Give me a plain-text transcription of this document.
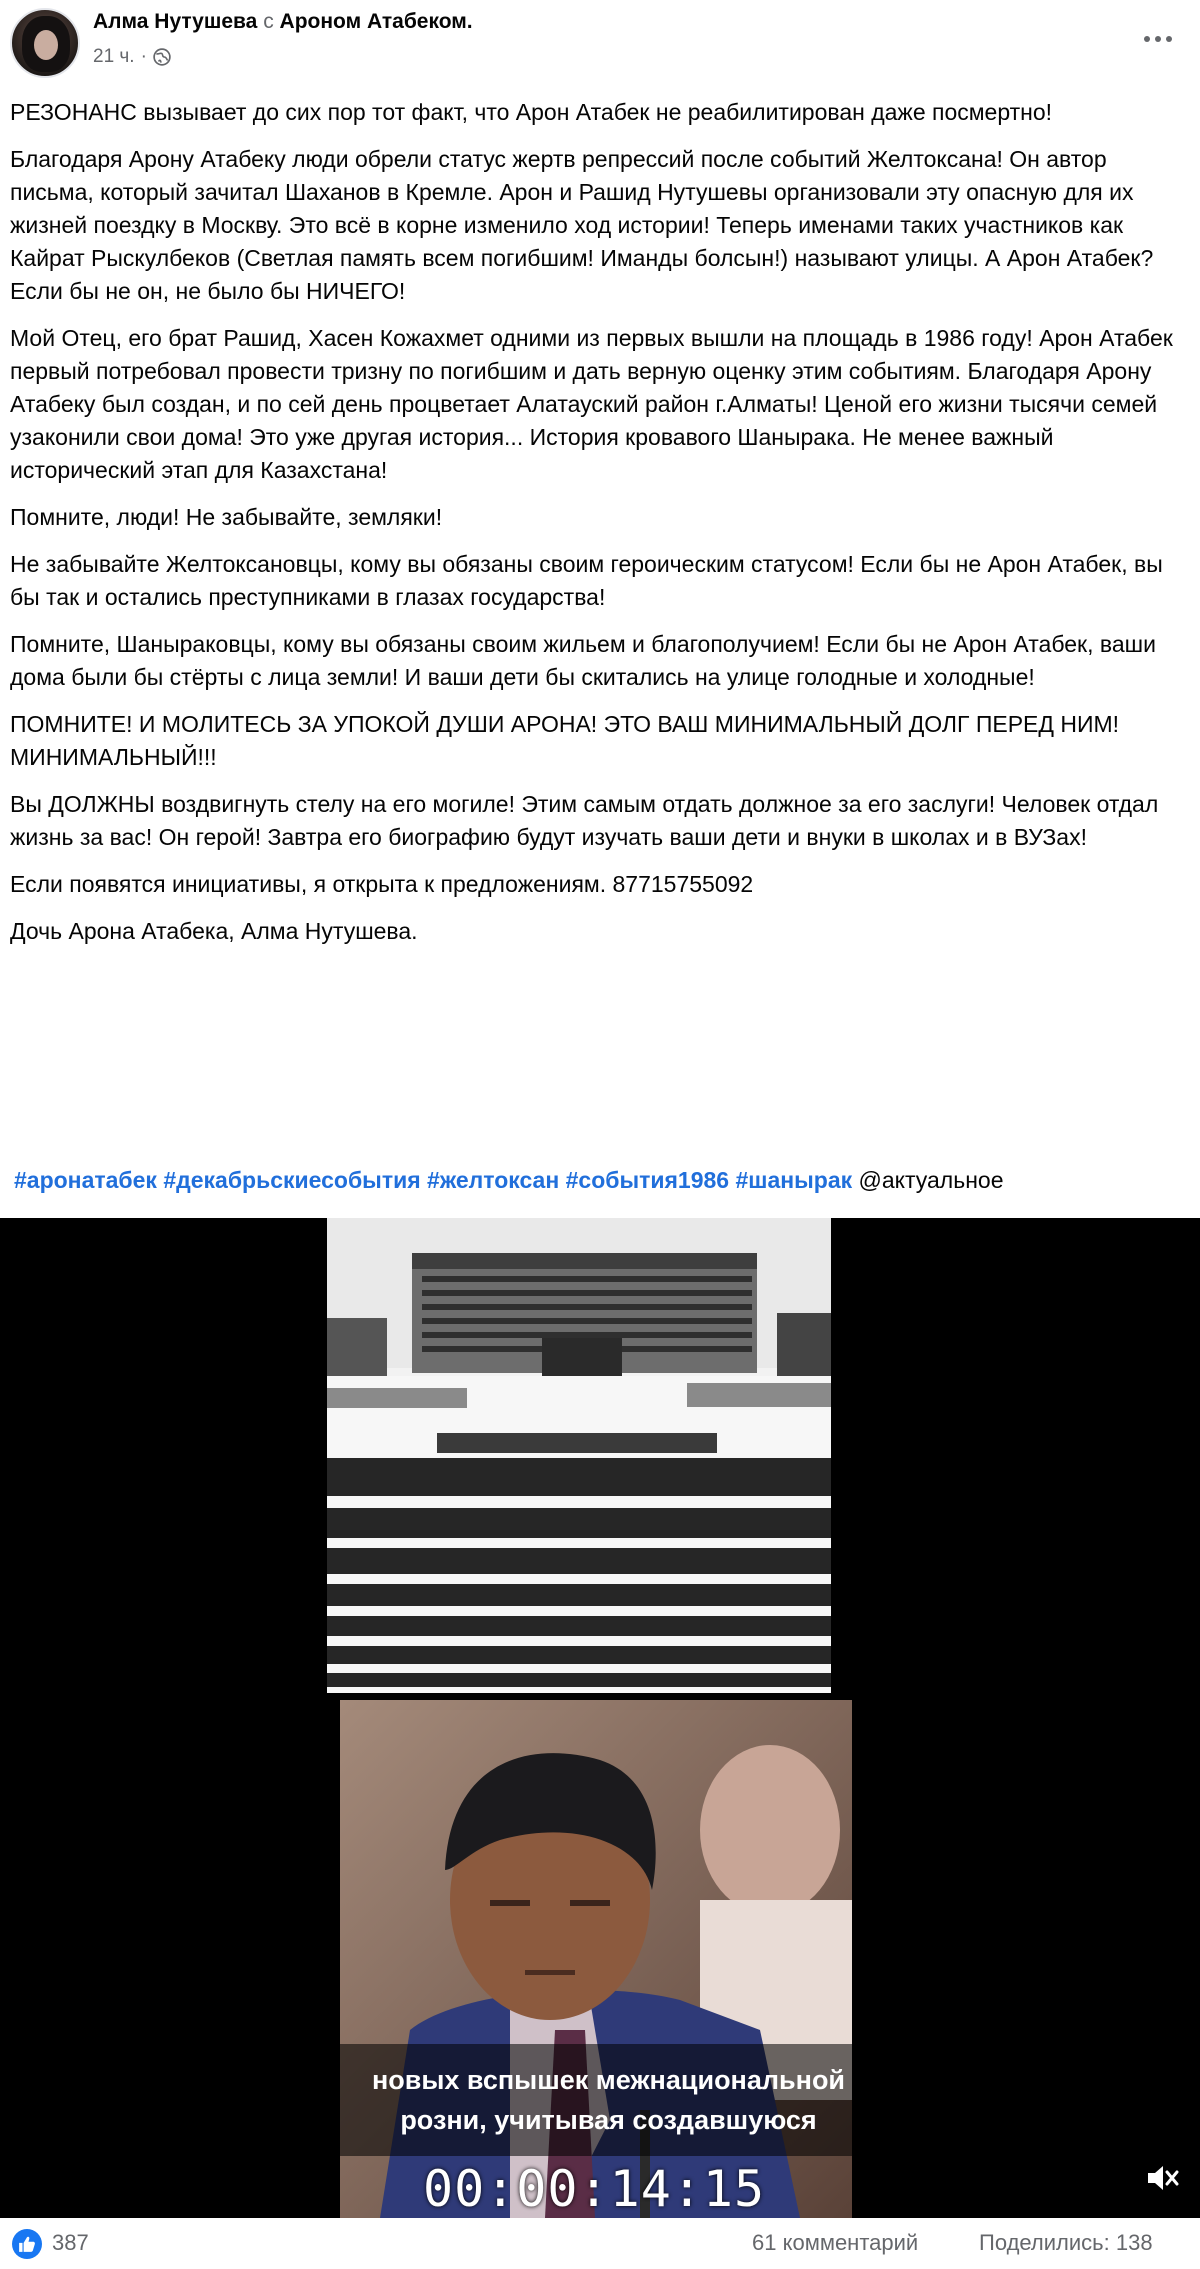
Алма Нутушева с Ароном Атабеком.
21 ч. ·

РЕЗОНАНС вызывает до сих пор тот факт, что Арон Атабек не реабилитирован даже посмертно!

Благодаря Арону Атабеку люди обрели статус жертв репрессий после событий Желтоксана! Он автор письма, который зачитал Шаханов в Кремле. Арон и Рашид Нутушевы организовали эту опасную для их жизней поездку в Москву. Это всё в корне изменило ход истории! Теперь именами таких участников как Кайрат Рыскулбеков (Светлая память всем погибшим! Иманды болсын!) называют улицы. А Арон Атабек? Если бы не он, не было бы НИЧЕГО!

Мой Отец, его брат Рашид, Хасен Кожахмет одними из первых вышли на площадь в 1986 году! Арон Атабек первый потребовал провести тризну по погибшим и дать верную оценку этим событиям. Благодаря Арону Атабеку был создан, и по сей день процветает Алатауский район г.Алматы! Ценой его жизни тысячи семей узаконили свои дома! Это уже другая история... История кровавого Шанырака. Не менее важный исторический этап для Казахстана!

Помните, люди! Не забывайте, земляки!

Не забывайте Желтоксановцы, кому вы обязаны своим героическим статусом! Если бы не Арон Атабек, вы бы так и остались преступниками в глазах государства!

Помните, Шаныраковцы, кому вы обязаны своим жильем и благополучием! Если бы не Арон Атабек, ваши дома были бы стёрты с лица земли! И ваши дети бы скитались на улице голодные и холодные!

ПОМНИТЕ! И МОЛИТЕСЬ ЗА УПОКОЙ ДУШИ АРОНА! ЭТО ВАШ МИНИМАЛЬНЫЙ ДОЛГ ПЕРЕД НИМ! МИНИМАЛЬНЫЙ!!!

Вы ДОЛЖНЫ воздвигнуть стелу на его могиле! Этим самым отдать должное за его заслуги! Человек отдал жизнь за вас! Он герой! Завтра его биографию будут изучать ваши дети и внуки в школах и в ВУЗах!

Если появятся инициативы, я открыта к предложениям. 87715755092

Дочь Арона Атабека, Алма Нутушева.

#аронатабек #декабрьскиесобытия #желтоксан #события1986 #шанырак @актуальное
новых вспышек межнациональной
розни, учитывая создавшуюся
00:00:14:15
387	61 комментарий	Поделились: 138
